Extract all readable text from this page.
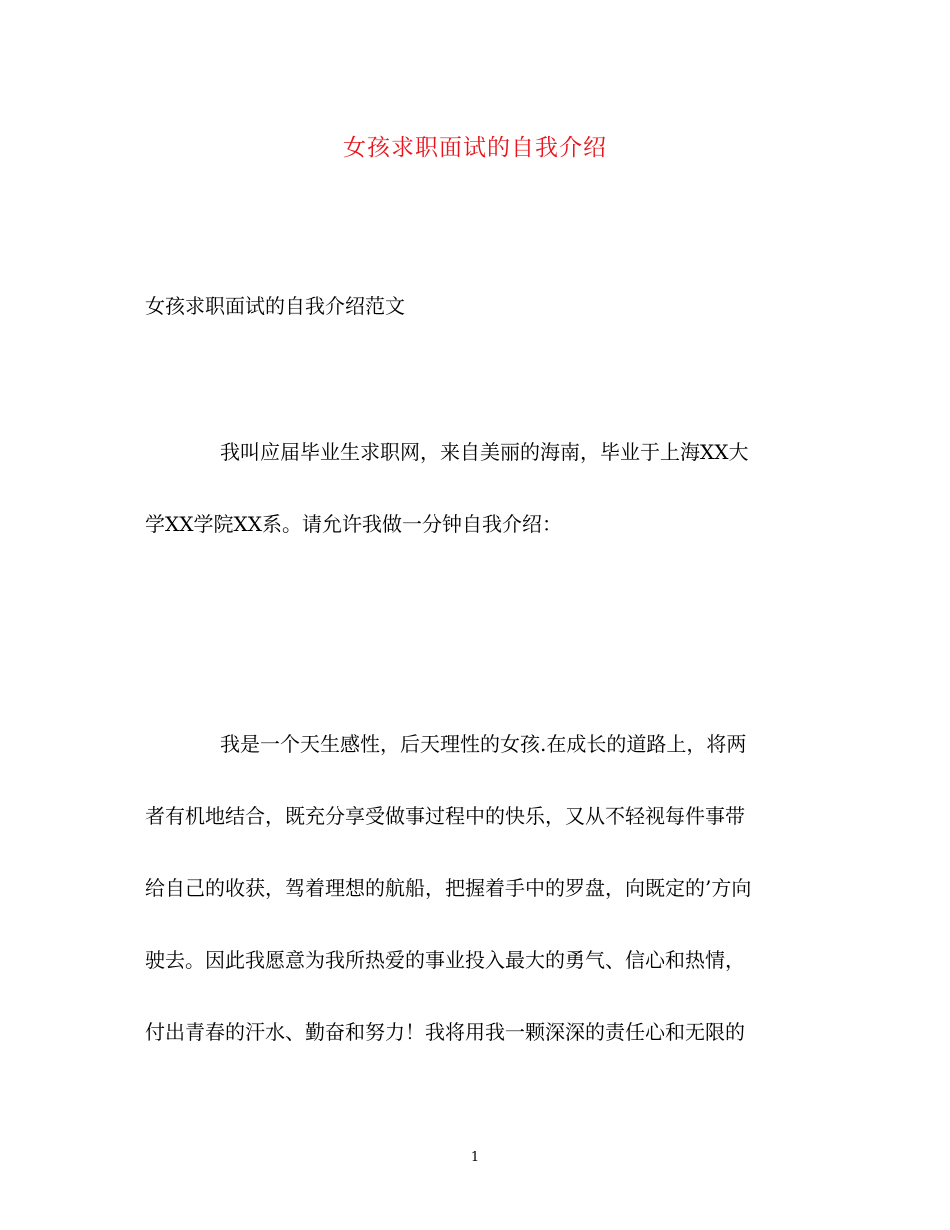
女孩求职面试的自我介绍
女孩求职面试的自我介绍范文
我叫应届毕业生求职网，来自美丽的海南，毕业于上海XX大
学XX学院XX系。请允许我做一分钟自我介绍：
我是一个天生感性，后天理性的女孩.在成长的道路上，将两
者有机地结合，既充分享受做事过程中的快乐，又从不轻视每件事带
给自己的收获，驾着理想的航船，把握着手中的罗盘，向既定的’方向
驶去。因此我愿意为我所热爱的事业投入最大的勇气、信心和热情，
付出青春的汗水、勤奋和努力！我将用我一颗深深的责任心和无限的
1
